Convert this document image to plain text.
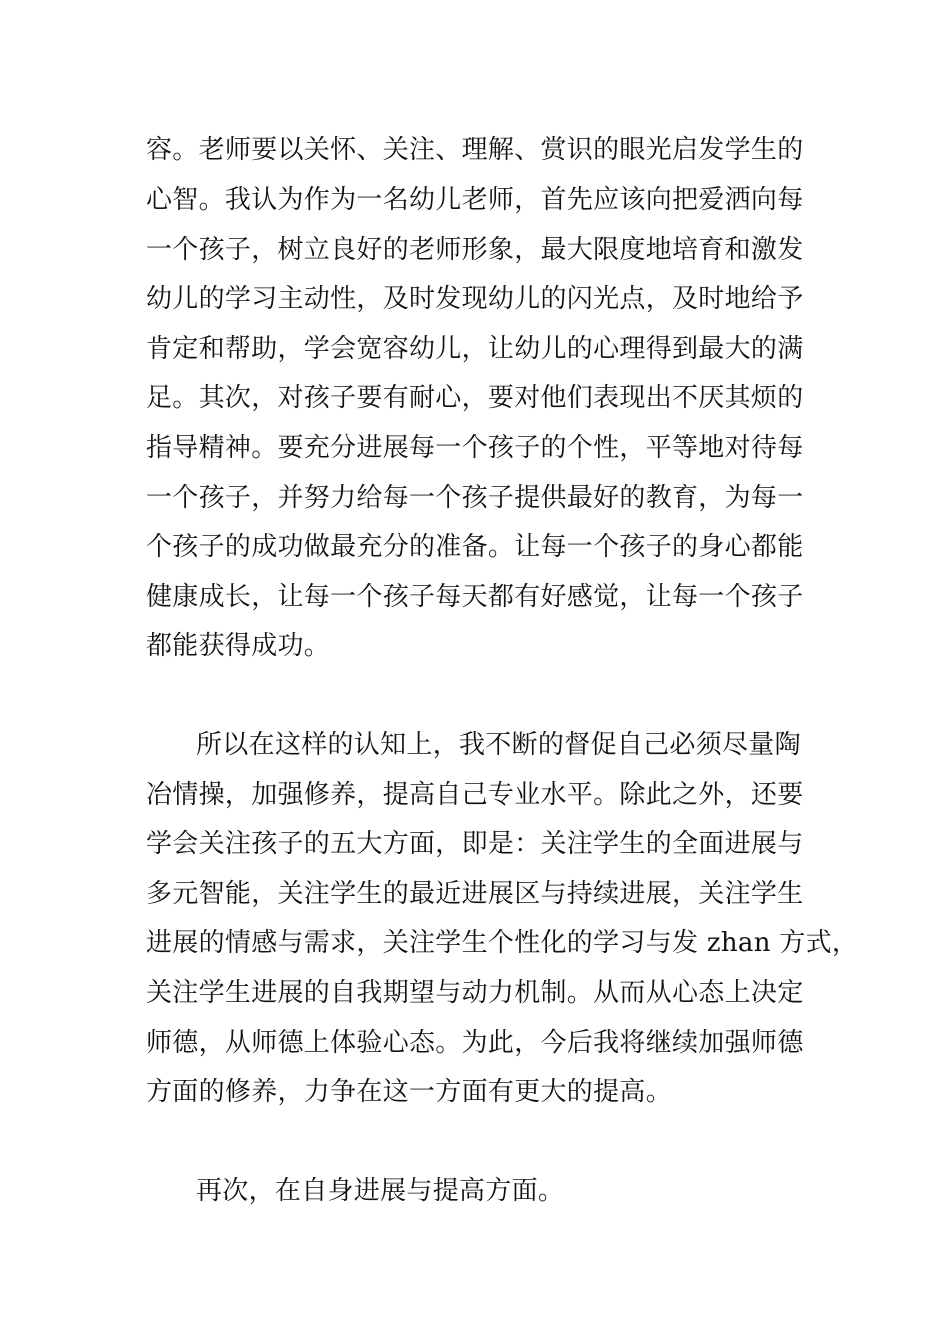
容。老师要以关怀、关注、理解、赏识的眼光启发学生的
心智。我认为作为一名幼儿老师，首先应该向把爱洒向每
一个孩子，树立良好的老师形象，最大限度地培育和激发
幼儿的学习主动性，及时发现幼儿的闪光点，及时地给予
肯定和帮助，学会宽容幼儿，让幼儿的心理得到最大的满
足。其次，对孩子要有耐心，要对他们表现出不厌其烦的
指导精神。要充分进展每一个孩子的个性，平等地对待每
一个孩子，并努力给每一个孩子提供最好的教育，为每一
个孩子的成功做最充分的准备。让每一个孩子的身心都能
健康成长，让每一个孩子每天都有好感觉，让每一个孩子
都能获得成功。
所以在这样的认知上，我不断的督促自己必须尽量陶
冶情操，加强修养，提高自己专业水平。除此之外，还要
学会关注孩子的五大方面，即是：关注学生的全面进展与
多元智能，关注学生的最近进展区与持续进展，关注学生
进展的情感与需求，关注学生个性化的学习与发 zhan 方式，
关注学生进展的自我期望与动力机制。从而从心态上决定
师德，从师德上体验心态。为此，今后我将继续加强师德
方面的修养，力争在这一方面有更大的提高。
再次，在自身进展与提高方面。
